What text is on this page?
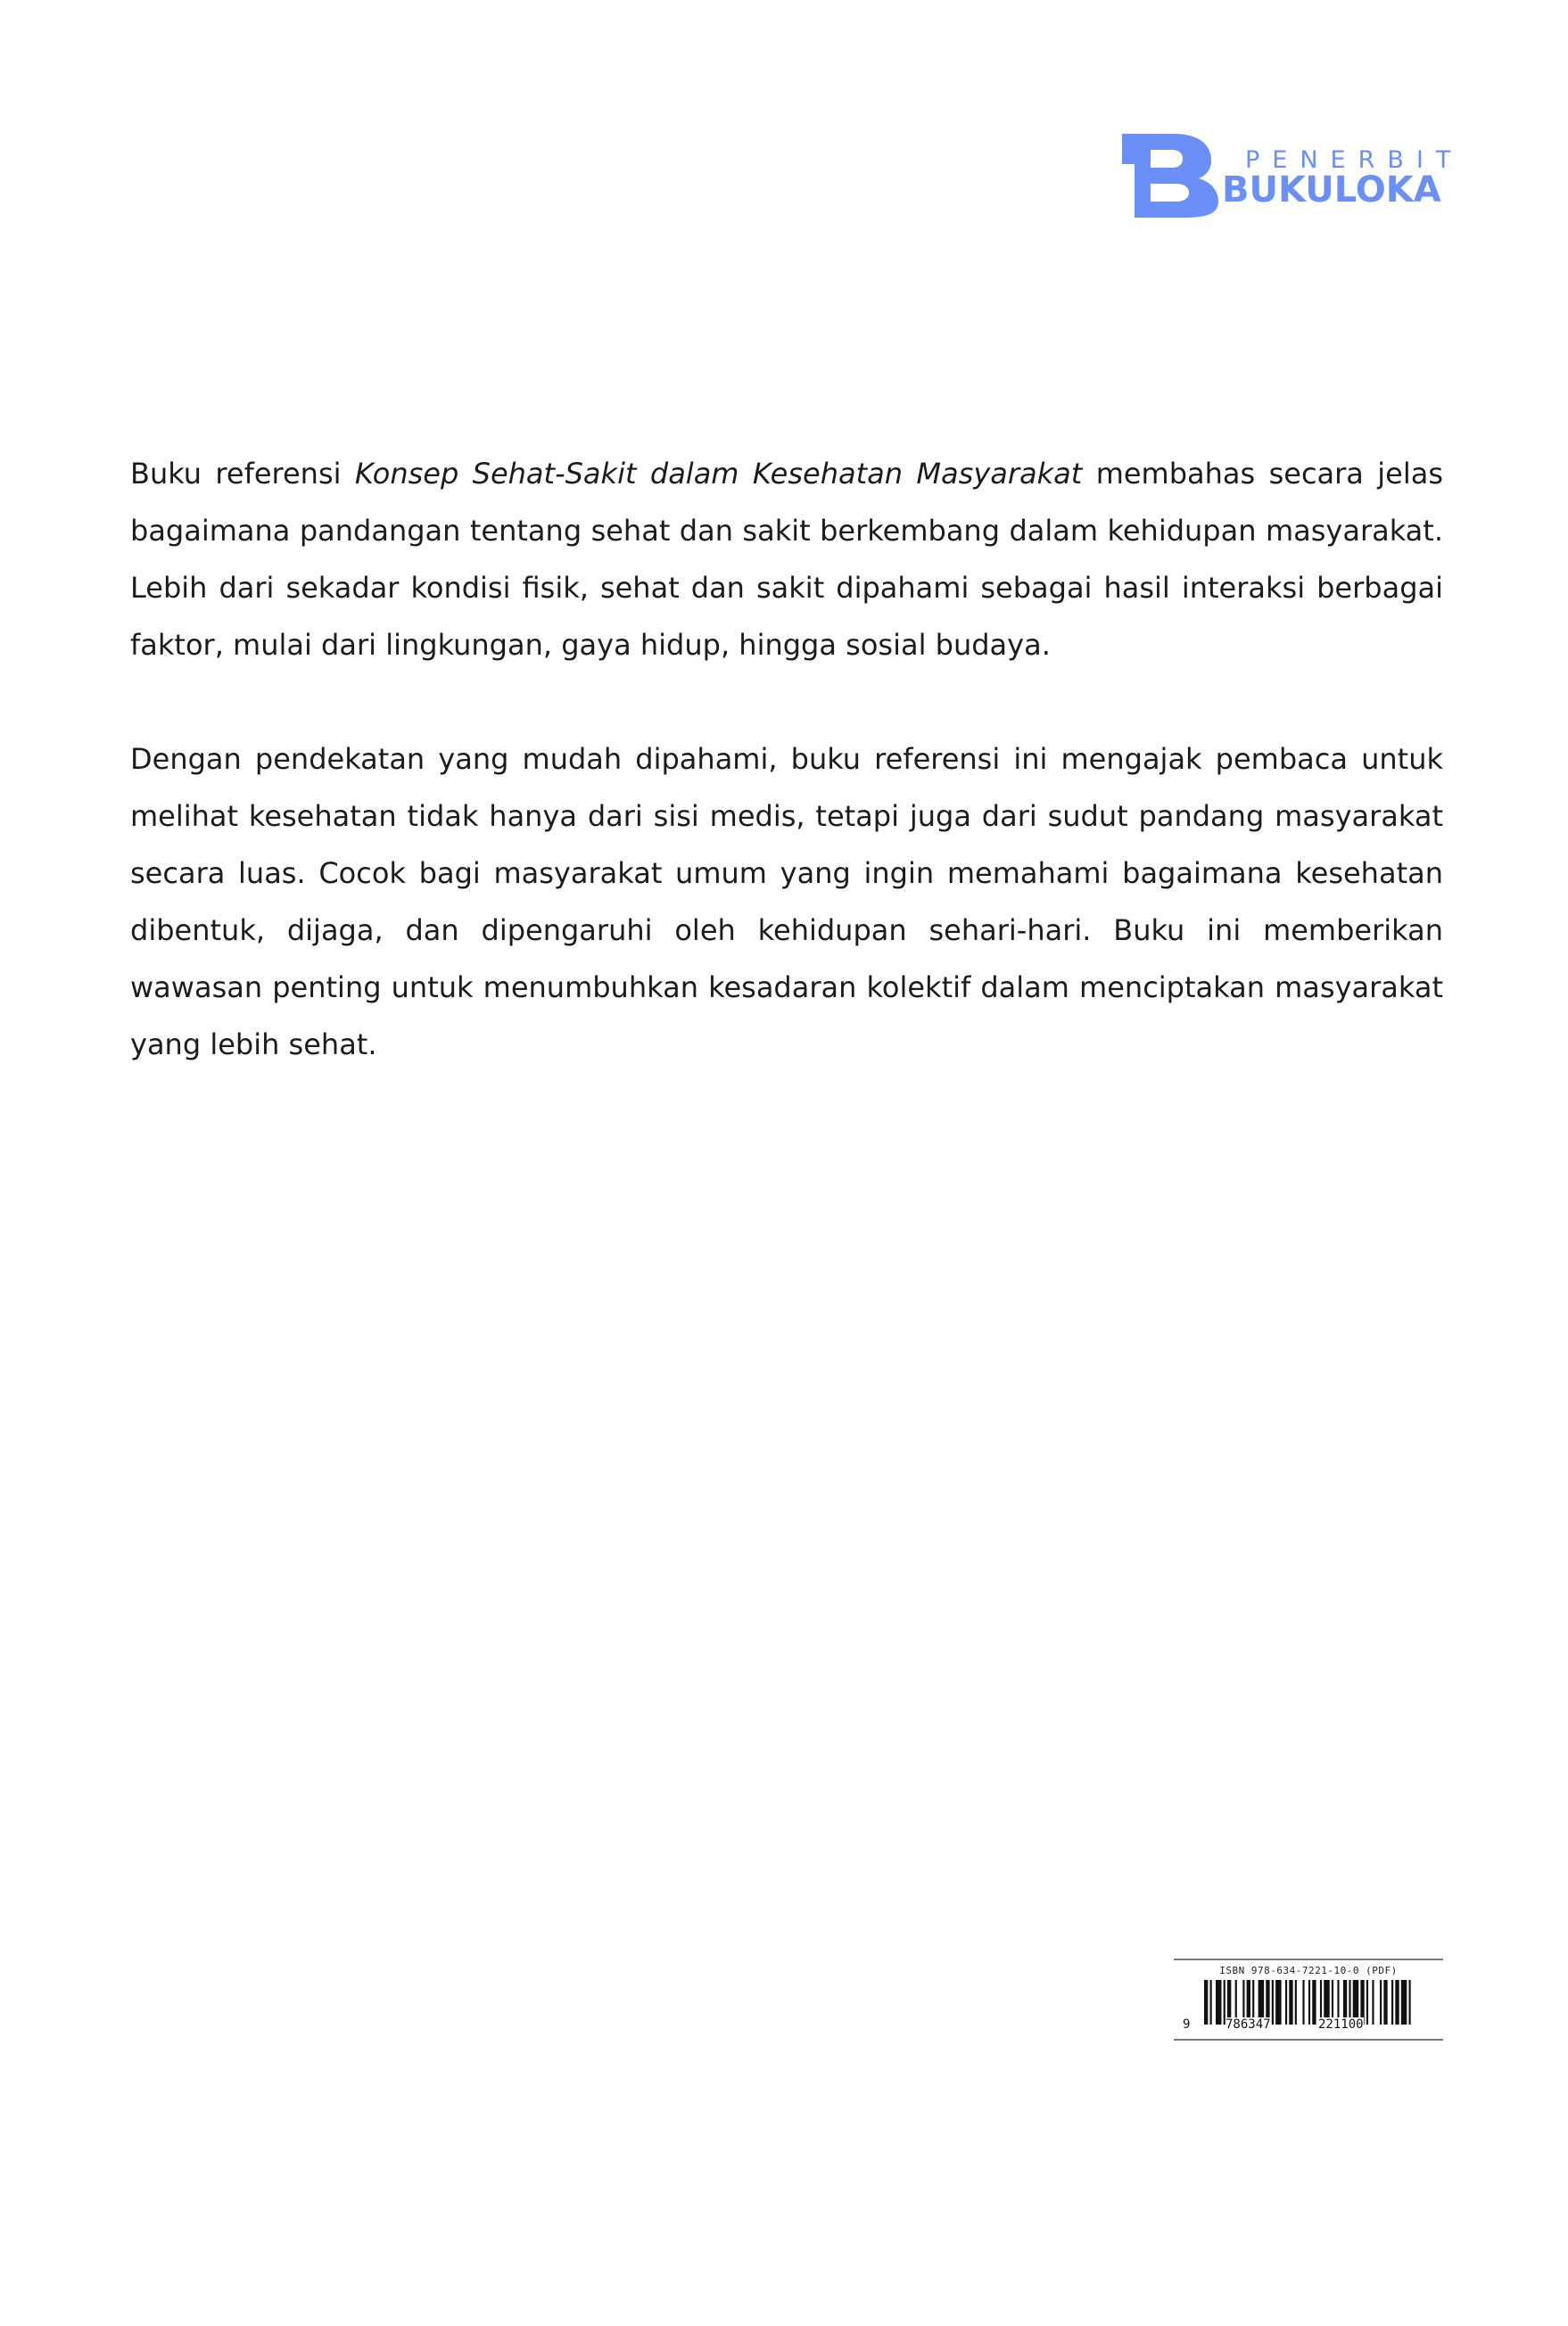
PENERBIT
BUKULOKA

Buku referensi Konsep Sehat-Sakit dalam Kesehatan Masyarakat membahas secara jelas bagaimana pandangan tentang sehat dan sakit berkembang dalam kehidupan masyarakat. Lebih dari sekadar kondisi fisik, sehat dan sakit dipahami sebagai hasil interaksi berbagai faktor, mulai dari lingkungan, gaya hidup, hingga sosial budaya.

Dengan pendekatan yang mudah dipahami, buku referensi ini mengajak pembaca untuk melihat kesehatan tidak hanya dari sisi medis, tetapi juga dari sudut pandang masyarakat secara luas. Cocok bagi masyarakat umum yang ingin memahami bagaimana kesehatan dibentuk, dijaga, dan dipengaruhi oleh kehidupan sehari-hari. Buku ini memberikan wawasan penting untuk menumbuhkan kesadaran kolektif dalam menciptakan masyarakat yang lebih sehat.

ISBN 978-634-7221-10-0 (PDF)
9	786347	221100
